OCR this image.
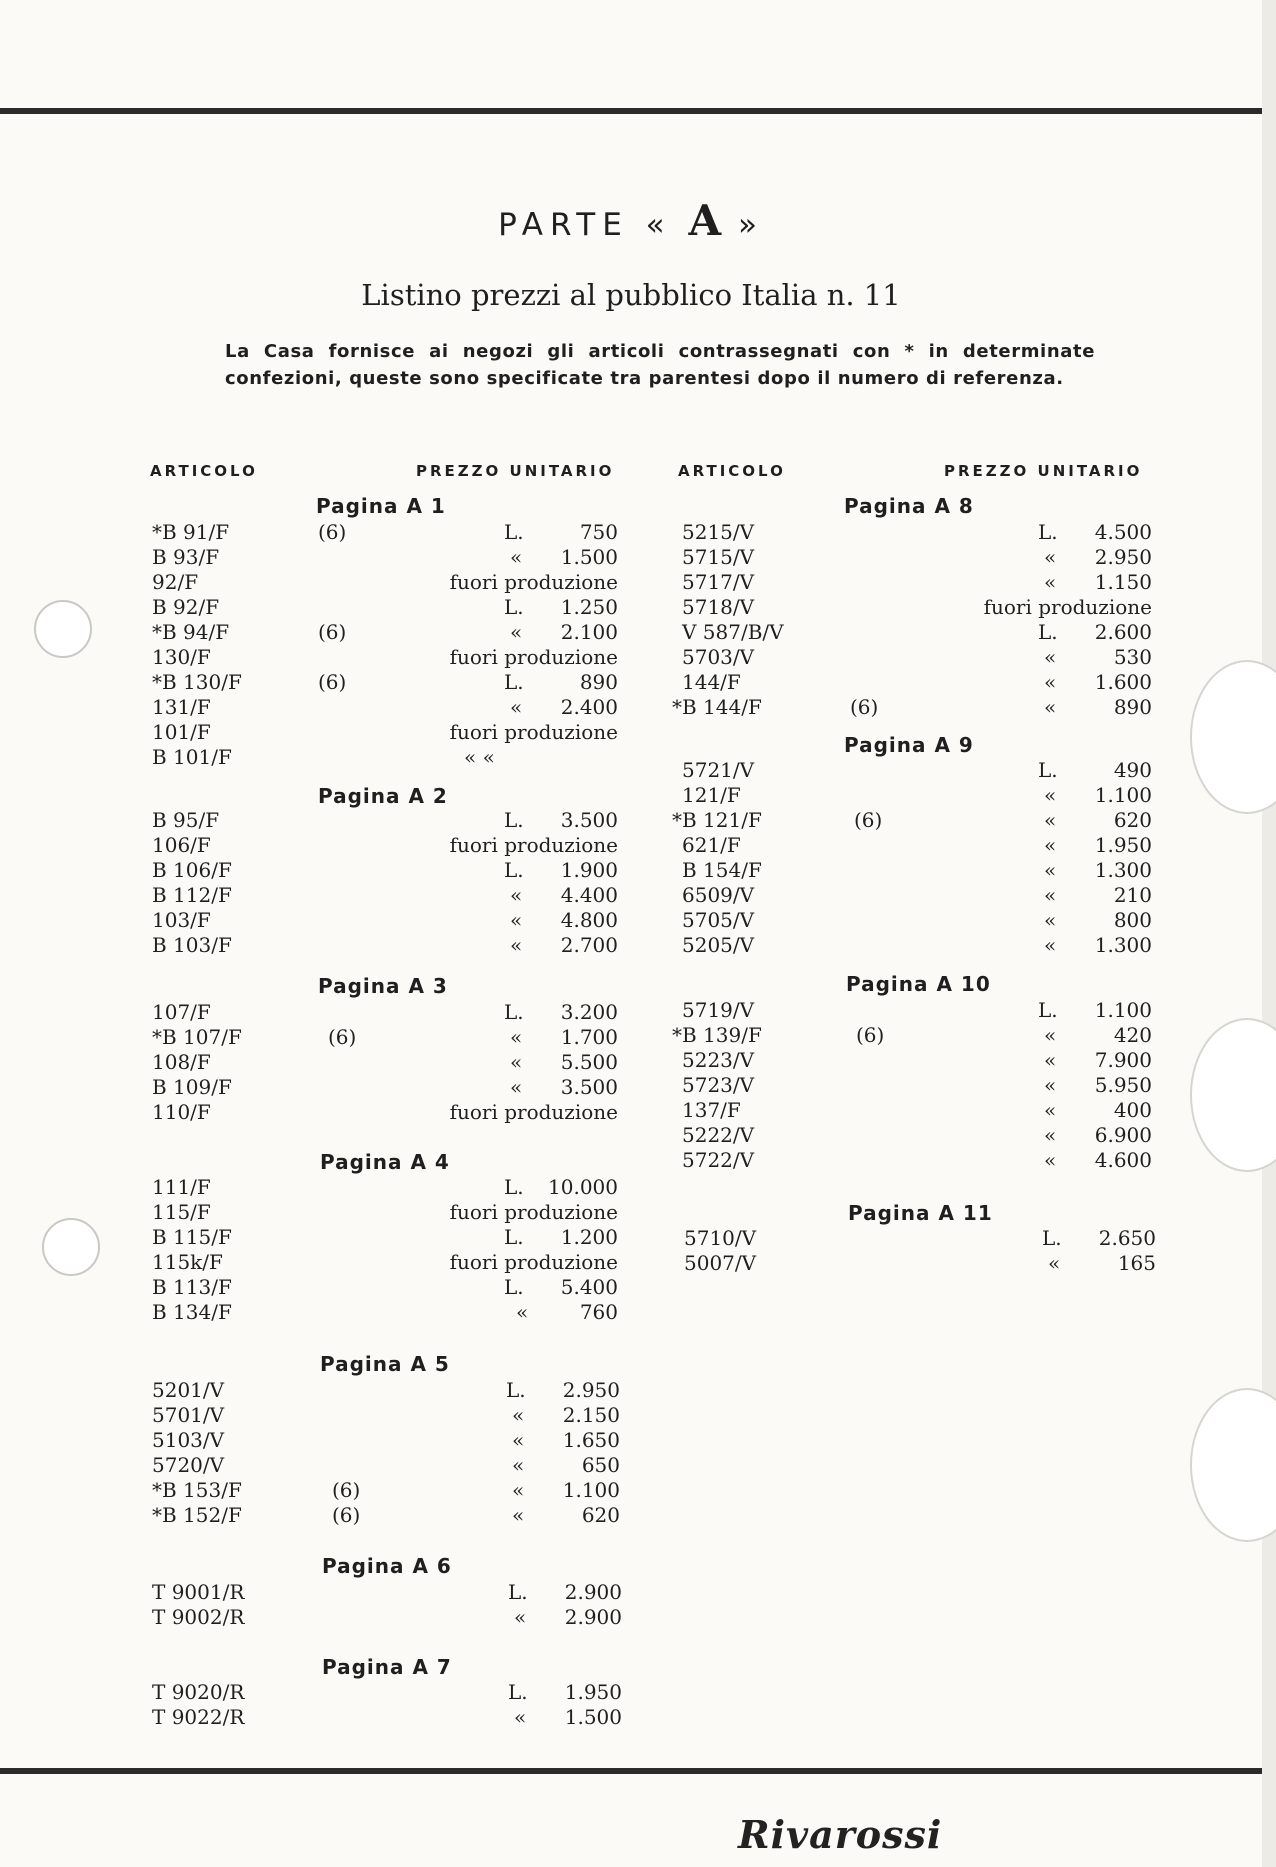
PARTE « A »
Listino prezzi al pubblico Italia n. 11
La Casa fornisce ai negozi gli articoli contrassegnati con * in determinate confezioni, queste sono specificate tra parentesi dopo il numero di referenza.
ARTICOLO	PREZZO UNITARIO	ARTICOLO	PREZZO UNITARIO
Pagina A 1
*B 91/F	(6)	L.	750
B 93/F	« 1.500
92/F	fuori produzione
B 92/F	L. 1.250
*B 94/F	(6)	« 2.100
130/F	fuori produzione
*B 130/F	(6)	L.	890
131/F	« 2.400
101/F	fuori produzione
B 101/F	« «
Pagina A 2
B 95/F	L. 3.500
106/F	fuori produzione
B 106/F	L. 1.900
B 112/F	« 4.400
103/F	« 4.800
B 103/F	« 2.700
Pagina A 3
107/F	L. 3.200
*B 107/F	(6)	« 1.700
108/F	« 5.500
B 109/F	« 3.500
110/F	fuori produzione
Pagina A 4
111/F	L. 10.000
115/F	fuori produzione
B 115/F	L. 1.200
115k/F	fuori produzione
B 113/F	L. 5.400
B 134/F	«	760
Pagina A 5
5201/V	L. 2.950
5701/V	« 2.150
5103/V	« 1.650
5720/V	«	650
*B 153/F	(6)	« 1.100
*B 152/F	(6)	«	620
Pagina A 6
T 9001/R	L. 2.900
T 9002/R	« 2.900
Pagina A 7
T 9020/R	L. 1.950
T 9022/R	« 1.500
Pagina A 8
5215/V	L. 4.500
5715/V	« 2.950
5717/V	« 1.150
5718/V	fuori produzione
V 587/B/V	L. 2.600
5703/V	«	530
144/F	« 1.600
*B 144/F	(6)	«	890
Pagina A 9
5721/V	L.	490
121/F	« 1.100
*B 121/F	(6)	«	620
621/F	« 1.950
B 154/F	« 1.300
6509/V	«	210
5705/V	«	800
5205/V	« 1.300
Pagina A 10
5719/V	L. 1.100
*B 139/F	(6)	«	420
5223/V	« 7.900
5723/V	« 5.950
137/F	«	400
5222/V	« 6.900
5722/V	« 4.600
Pagina A 11
5710/V	L. 2.650
5007/V	«	165
Rivarossi
